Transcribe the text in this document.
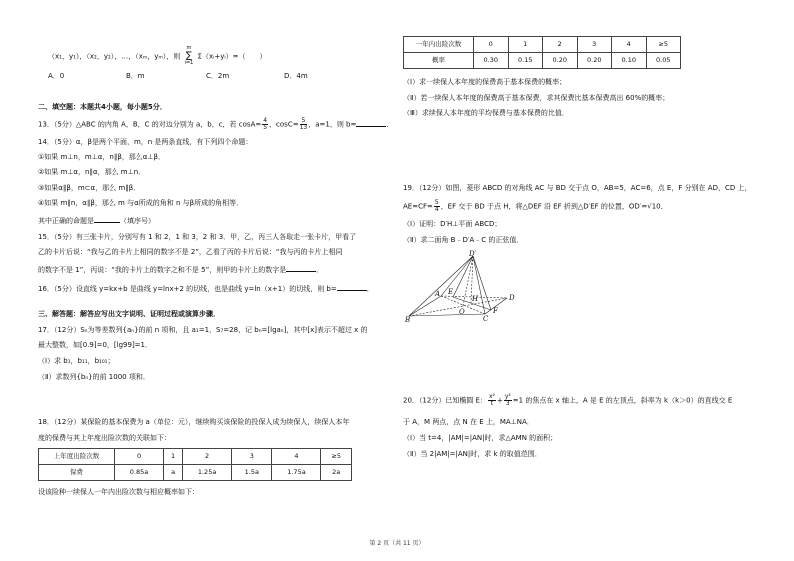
（x₁，y₁），（x₂，y₂），…，（xₘ，yₘ），则
m
∑
i=1
Σ（xᵢ+yᵢ）=（　　）
A．0	B．m	C．2m	D．4m
二、填空题：本题共4小题，每小题5分．
13．（5分）△ABC 的内角 A，B，C 的对边分别为 a，b，c，若 $\cos A= \frac{4}{5}$ ，$\cos C= \frac{5}{13}$ ，a=1，则 b=	．
14．（5分）α，β是两个平面，m，n 是两条直线，有下列四个命题：
①如果 m⊥n，m⊥α，n∥β，那么α⊥β．
②如果 m⊥α，n∥α，那么 m⊥n．
③如果α∥β，m⊂α，那么 m∥β．
④如果 m∥n，α∥β，那么 m 与α所成的角和 n 与β所成的角相等．
其中正确的命题是	（填序号）
15．（5分）有三张卡片，分别写有 1 和 2，1 和 3，2 和 3．甲，乙，丙三人各取走一张卡片，甲看了
乙的卡片后说：“我与乙的卡片上相同的数字不是 2”，乙看了丙的卡片后说：“我与丙的卡片上相同
的数字不是 1”，丙说：“我的卡片上的数字之和不是 5”，则甲的卡片上的数字是	．
16．（5分）设直线 y=kx+b 是曲线 y=lnx+2 的切线，也是曲线 y=ln（x+1）的切线，则 b=	．
三、解答题：解答应写出文字说明、证明过程或演算步骤．
17．（12分）Sₙ为等差数列{aₙ}的前 n 项和，且 a₁=1，S₇=28，记 bₙ=[lgaₙ]，其中[x]表示不超过 x 的
最大整数，如[0.9]=0，[lg99]=1．
（Ⅰ）求 b₁，b₁₁，b₁₀₁；
（Ⅱ）求数列{bₙ}的前 1000 项和．
18．（12分）某保险的基本保费为 a（单位：元），继续购买该保险的投保人成为续保人，续保人本年
度的保费与其上年度出险次数的关联如下：
上年度出险次数	0	1	2	3	4	≥5
保费	0.85a	a	1.25a	1.5a	1.75a	2a
设该险种一续保人一年内出险次数与相应概率如下：
一年内出险次数	0	1	2	3	4	≥5
概率	0.30	0.15	0.20	0.20	0.10	0.05
（Ⅰ）求一续保人本年度的保费高于基本保费的概率；
（Ⅱ）若一续保人本年度的保费高于基本保费，求其保费比基本保费高出 60%的概率；
（Ⅲ）求续保人本年度的平均保费与基本保费的比值．
19．（12分）如图，菱形 ABCD 的对角线 AC 与 BD 交于点 O，AB=5，AC=6，点 E，F 分别在 AD，CD 上，
$AE=CF= \frac{5}{4}$ ，EF 交于 BD 于点 H，将△DEF 沿 EF 折到△D′EF 的位置，OD′=√10．
（Ⅰ）证明：D′H⊥平面 ABCD；
（Ⅱ）求二面角 B﹣D′A﹣C 的正弦值．
D′
A E
H	D
B
O
C
F
20．（12分）已知椭圆 E： $\frac{\text{x²}}{t} + \frac{\text{y²}}{3} =1$ 的焦点在 x 轴上，A 是 E 的左顶点，斜率为 k（k＞0）的直线交 E
于 A，M 两点，点 N 在 E 上，MA⊥NA．
（Ⅰ）当 t=4，|AM|=|AN|时，求△AMN 的面积；
（Ⅱ）当 2|AM|=|AN|时，求 k 的取值范围．
第 2 页（共 11 页）
